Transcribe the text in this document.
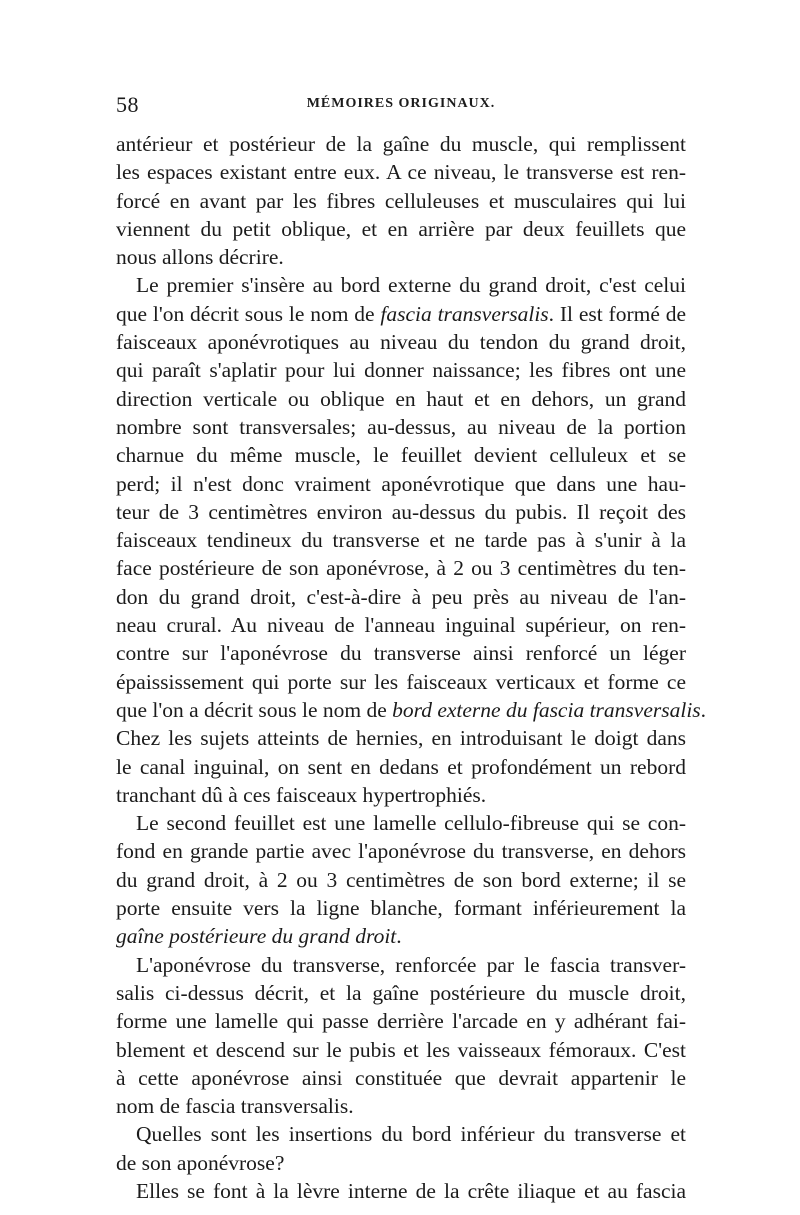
58	MÉMOIRES ORIGINAUX.
antérieur et postérieur de la gaîne du muscle, qui remplissent
les espaces existant entre eux. A ce niveau, le transverse est ren-
forcé en avant par les fibres celluleuses et musculaires qui lui
viennent du petit oblique, et en arrière par deux feuillets que
nous allons décrire.
Le premier s'insère au bord externe du grand droit, c'est celui
que l'on décrit sous le nom de fascia transversalis. Il est formé de
faisceaux aponévrotiques au niveau du tendon du grand droit,
qui paraît s'aplatir pour lui donner naissance; les fibres ont une
direction verticale ou oblique en haut et en dehors, un grand
nombre sont transversales; au-dessus, au niveau de la portion
charnue du même muscle, le feuillet devient celluleux et se
perd; il n'est donc vraiment aponévrotique que dans une hau-
teur de 3 centimètres environ au-dessus du pubis. Il reçoit des
faisceaux tendineux du transverse et ne tarde pas à s'unir à la
face postérieure de son aponévrose, à 2 ou 3 centimètres du ten-
don du grand droit, c'est-à-dire à peu près au niveau de l'an-
neau crural. Au niveau de l'anneau inguinal supérieur, on ren-
contre sur l'aponévrose du transverse ainsi renforcé un léger
épaississement qui porte sur les faisceaux verticaux et forme ce
que l'on a décrit sous le nom de bord externe du fascia transversalis.
Chez les sujets atteints de hernies, en introduisant le doigt dans
le canal inguinal, on sent en dedans et profondément un rebord
tranchant dû à ces faisceaux hypertrophiés.
Le second feuillet est une lamelle cellulo-fibreuse qui se con-
fond en grande partie avec l'aponévrose du transverse, en dehors
du grand droit, à 2 ou 3 centimètres de son bord externe; il se
porte ensuite vers la ligne blanche, formant inférieurement la
gaîne postérieure du grand droit.
L'aponévrose du transverse, renforcée par le fascia transver-
salis ci-dessus décrit, et la gaîne postérieure du muscle droit,
forme une lamelle qui passe derrière l'arcade en y adhérant fai-
blement et descend sur le pubis et les vaisseaux fémoraux. C'est
à cette aponévrose ainsi constituée que devrait appartenir le
nom de fascia transversalis.
Quelles sont les insertions du bord inférieur du transverse et
de son aponévrose?
Elles se font à la lèvre interne de la crête iliaque et au fascia
